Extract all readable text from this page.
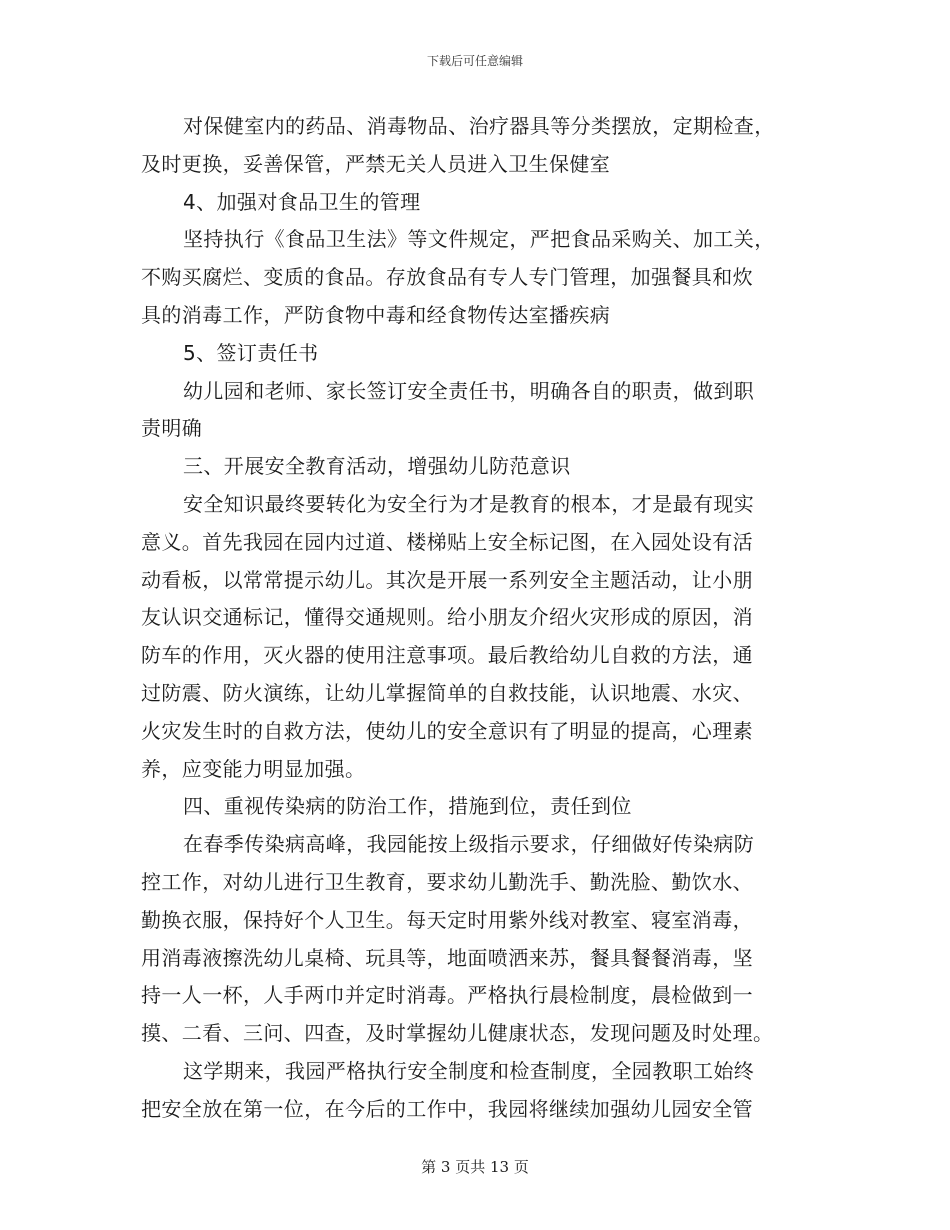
下载后可任意编辑
对保健室内的药品、消毒物品、治疗器具等分类摆放，定期检查，
及时更换，妥善保管，严禁无关人员进入卫生保健室
4、加强对食品卫生的管理
坚持执行《食品卫生法》等文件规定，严把食品采购关、加工关，
不购买腐烂、变质的食品。存放食品有专人专门管理，加强餐具和炊
具的消毒工作，严防食物中毒和经食物传达室播疾病
5、签订责任书
幼儿园和老师、家长签订安全责任书，明确各自的职责，做到职
责明确
三、开展安全教育活动，增强幼儿防范意识
安全知识最终要转化为安全行为才是教育的根本，才是最有现实
意义。首先我园在园内过道、楼梯贴上安全标记图，在入园处设有活
动看板，以常常提示幼儿。其次是开展一系列安全主题活动，让小朋
友认识交通标记，懂得交通规则。给小朋友介绍火灾形成的原因，消
防车的作用，灭火器的使用注意事项。最后教给幼儿自救的方法，通
过防震、防火演练，让幼儿掌握简单的自救技能，认识地震、水灾、
火灾发生时的自救方法，使幼儿的安全意识有了明显的提高，心理素
养，应变能力明显加强。
四、重视传染病的防治工作，措施到位，责任到位
在春季传染病高峰，我园能按上级指示要求，仔细做好传染病防
控工作，对幼儿进行卫生教育，要求幼儿勤洗手、勤洗脸、勤饮水、
勤换衣服，保持好个人卫生。每天定时用紫外线对教室、寝室消毒，
用消毒液擦洗幼儿桌椅、玩具等，地面喷洒来苏，餐具餐餐消毒，坚
持一人一杯，人手两巾并定时消毒。严格执行晨检制度，晨检做到一
摸、二看、三问、四查，及时掌握幼儿健康状态，发现问题及时处理。
这学期来，我园严格执行安全制度和检查制度，全园教职工始终
把安全放在第一位，在今后的工作中，我园将继续加强幼儿园安全管
第 3 页共 13 页
